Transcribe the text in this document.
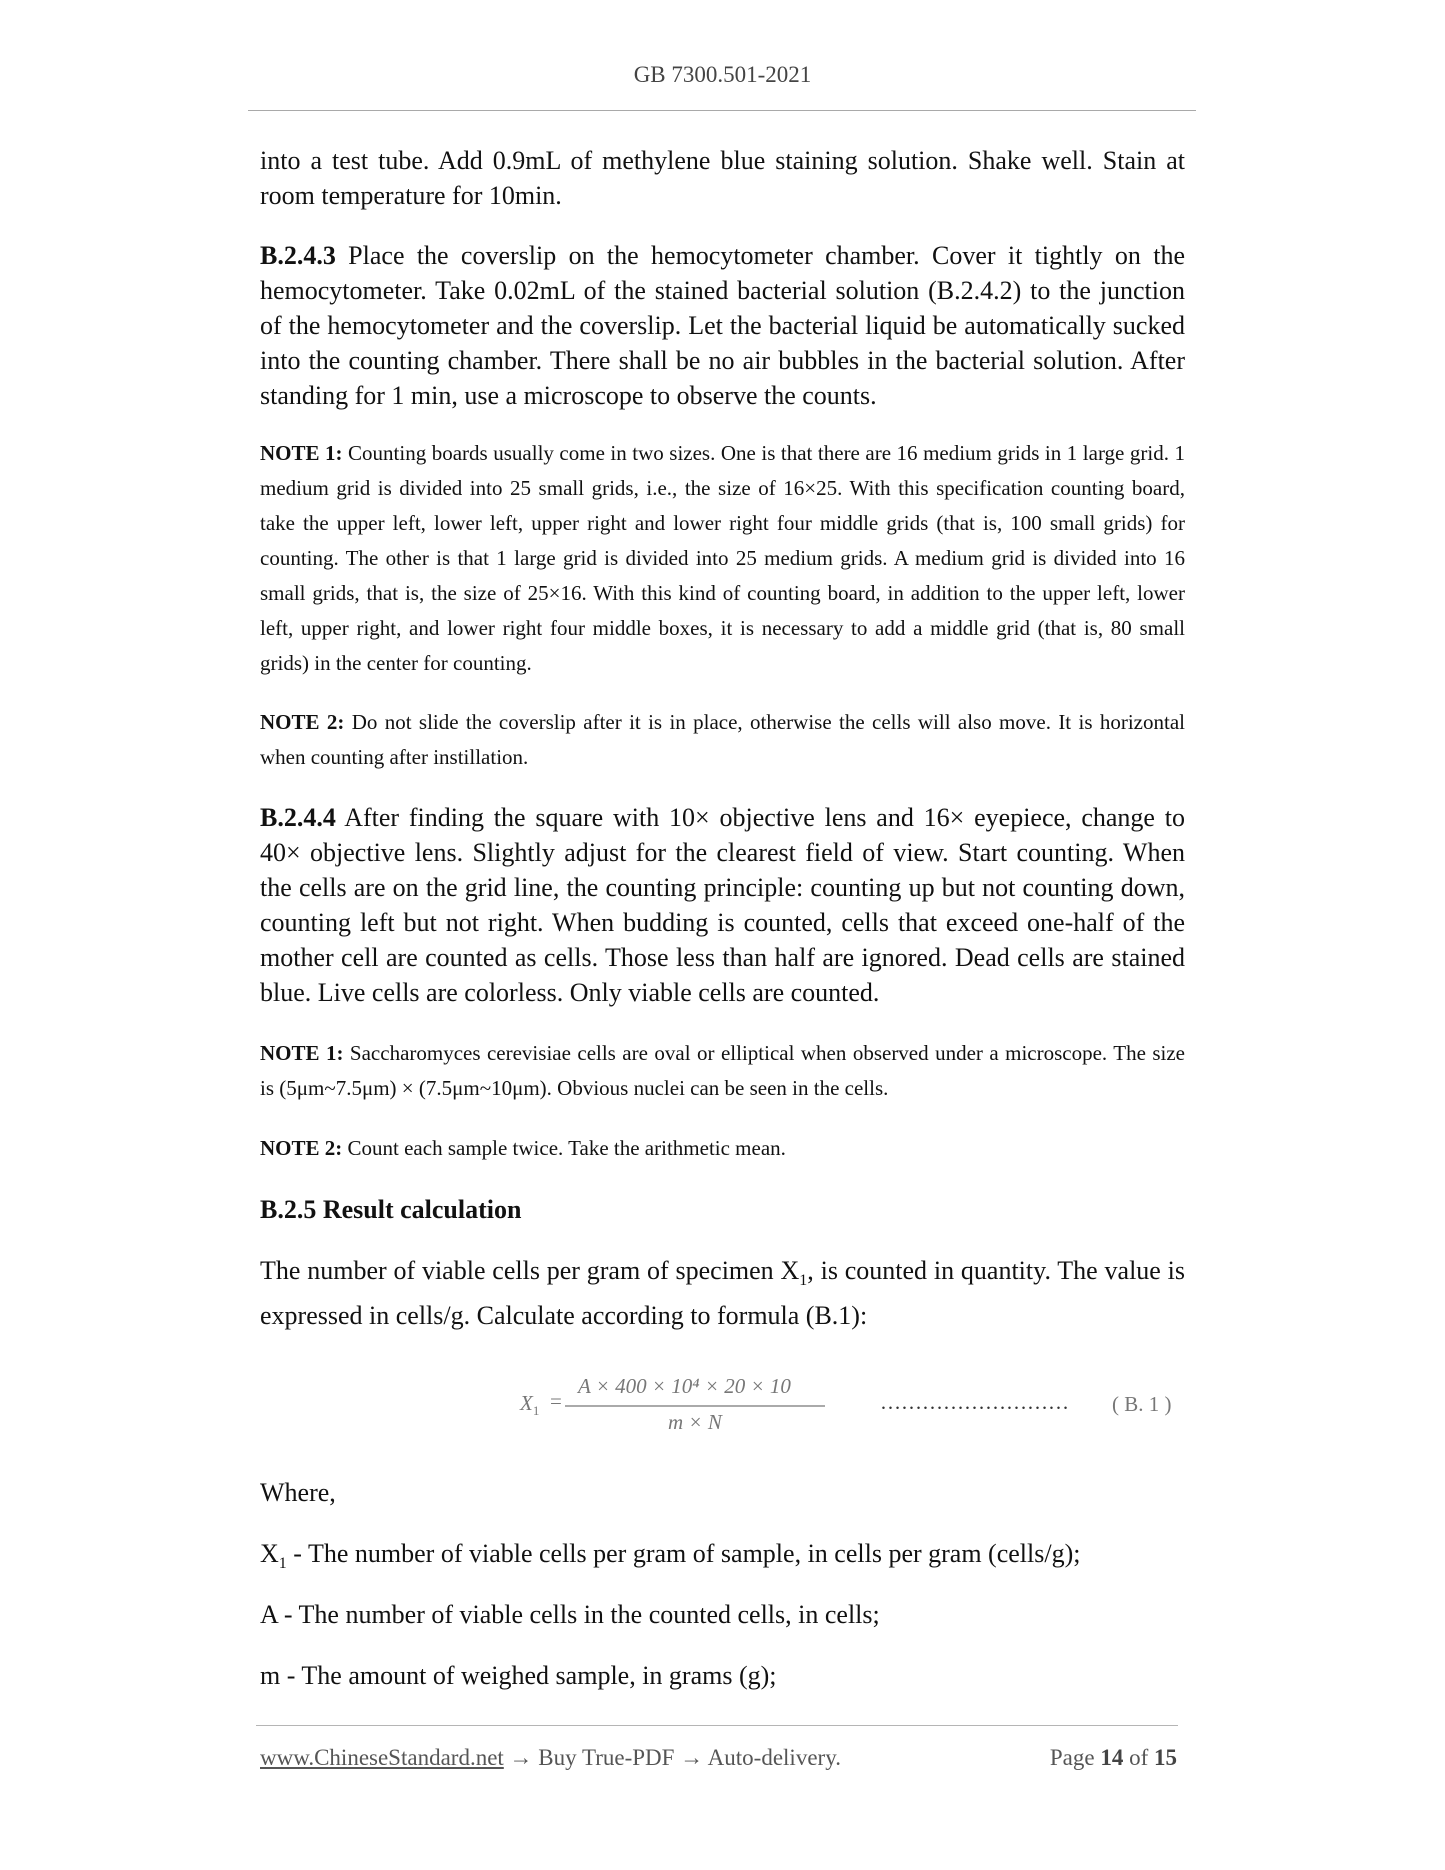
GB 7300.501-2021

into a test tube. Add 0.9mL of methylene blue staining solution. Shake well. Stain at room temperature for 10min.

B.2.4.3 Place the coverslip on the hemocytometer chamber. Cover it tightly on the hemocytometer. Take 0.02mL of the stained bacterial solution (B.2.4.2) to the junction of the hemocytometer and the coverslip. Let the bacterial liquid be automatically sucked into the counting chamber. There shall be no air bubbles in the bacterial solution. After standing for 1 min, use a microscope to observe the counts.

NOTE 1: Counting boards usually come in two sizes. One is that there are 16 medium grids in 1 large grid. 1 medium grid is divided into 25 small grids, i.e., the size of 16×25. With this specification counting board, take the upper left, lower left, upper right and lower right four middle grids (that is, 100 small grids) for counting. The other is that 1 large grid is divided into 25 medium grids. A medium grid is divided into 16 small grids, that is, the size of 25×16. With this kind of counting board, in addition to the upper left, lower left, upper right, and lower right four middle boxes, it is necessary to add a middle grid (that is, 80 small grids) in the center for counting.

NOTE 2: Do not slide the coverslip after it is in place, otherwise the cells will also move. It is horizontal when counting after instillation.

B.2.4.4 After finding the square with 10× objective lens and 16× eyepiece, change to 40× objective lens. Slightly adjust for the clearest field of view. Start counting. When the cells are on the grid line, the counting principle: counting up but not counting down, counting left but not right. When budding is counted, cells that exceed one-half of the mother cell are counted as cells. Those less than half are ignored. Dead cells are stained blue. Live cells are colorless. Only viable cells are counted.

NOTE 1: Saccharomyces cerevisiae cells are oval or elliptical when observed under a microscope. The size is (5μm~7.5μm) × (7.5μm~10μm). Obvious nuclei can be seen in the cells.

NOTE 2: Count each sample twice. Take the arithmetic mean.

B.2.5 Result calculation

The number of viable cells per gram of specimen $X_1$, is counted in quantity. The value is expressed in cells/g. Calculate according to formula (B.1):

$X_1$ =
A × 400 × 10⁴ × 20 × 10
m × N
……………………… ( B. 1 )

Where,

$X_1$ - The number of viable cells per gram of sample, in cells per gram (cells/g);

A - The number of viable cells in the counted cells, in cells;

m - The amount of weighed sample, in grams (g);

www.ChineseStandard.net → Buy True-PDF → Auto-delivery.	Page 14 of 15
